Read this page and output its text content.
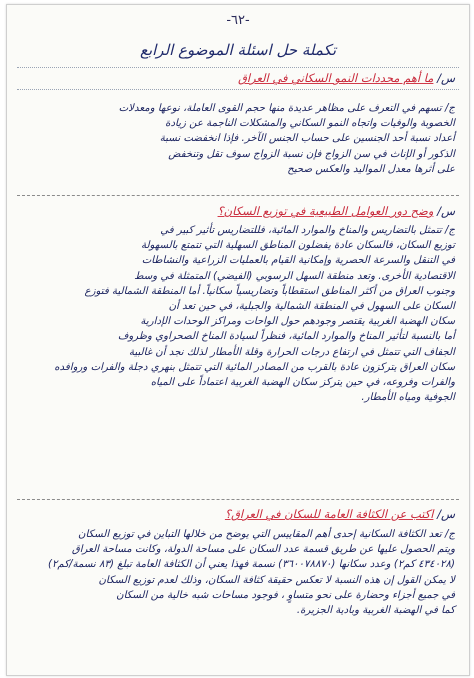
-٦٢-
تكملة حل اسئلة الموضوع الرابع
س/ ما أهم محددات النمو السكاني في العراق

ج/ تسهم في التعرف على مظاهر عديدة منها حجم القوى العاملة، نوعها ومعدلات

الخصوبة والوفيات واتجاه النمو السكاني والمشكلات الناجمة عن زيادة

أعداد نسبة أحد الجنسين على حساب الجنس الآخر. فإذا انخفضت نسبة

الذكور أو الإناث في سن الزواج فإن نسبة الزواج سوف تقل وتنخفض

على أثرها معدل المواليد والعكس صحيح

س/ وضح دور العوامل الطبيعية في توزيع السكان؟

ج/ تتمثل بالتضاريس والمناخ والموارد المائية، فللتضاريس تأثير كبير في

توزيع السكان، فالسكان عادة يفضلون المناطق السهلية التي تتمتع بالسهولة

في التنقل والسرعة الحصرية وإمكانية القيام بالعمليات الزراعية والنشاطات

الاقتصادية الأخرى. وتعد منطقة السهل الرسوبي (الفيضي) المتمثلة في وسط

وجنوب العراق من أكثر المناطق استقطاباً وتضاريسياً سكانياً. أما المنطقة الشمالية فتوزع

السكان على السهول في المنطقة الشمالية والجبلية، في حين تعد أن

سكان الهضبة الغربية يقتصر وجودهم حول الواحات ومراكز الوحدات الإدارية

أما بالنسبة لتأثير المناخ والموارد المائية، فنظراً لسيادة المناخ الصحراوي وظروف

الجفاف التي تتمثل في ارتفاع درجات الحرارة وقلة الأمطار لذلك نجد أن غالبية

سكان العراق يتركزون عادة بالقرب من المصادر المائية التي تتمثل بنهري دجلة والفرات وروافده

والفرات وفروعه، في حين يتركز سكان الهضبة الغربية اعتماداً على المياه

الجوفية ومياه الأمطار.

س/ اكتب عن الكثافة العامة للسكان في العراق؟

ج/ تعد الكثافة السكانية إحدى أهم المقاييس التي يوضح من خلالها التباين في توزيع السكان

ويتم الحصول عليها عن طريق قسمة عدد السكان على مساحة الدولة، وكانت مساحة العراق

(٤٣٤٠٢٨ كم٢) وعدد سكانها (٣٦٠٠٧٨٨٧٠) نسمة فهذا يعني أن الكثافة العامة تبلغ (٨٣ نسمة/كم٢)

لا يمكن القول إن هذه النسبة لا تعكس حقيقة كثافة السكان، وذلك لعدم توزيع السكان

في جميع أجزاء وحضارة على نحو متساوٍ ، فوجود مساحات شبه خالية من السكان

كما في الهضبة الغربية وبادية الجزيرة.
